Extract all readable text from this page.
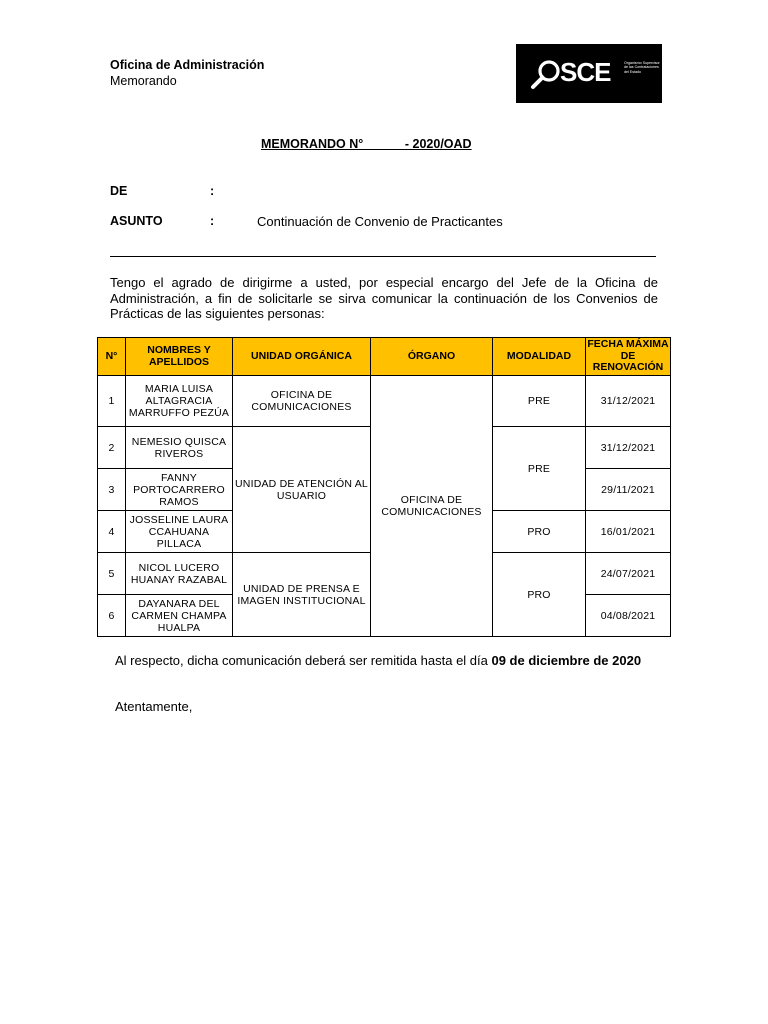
Oficina de Administración
Memorando	SCE	Organismo Supervisor de las Contrataciones del Estado
MEMORANDO N°            - 2020/OAD
DE	:
ASUNTO	:	Continuación de Convenio de Practicantes
Tengo el agrado de dirigirme a usted, por especial encargo del Jefe de la Oficina de Administración, a fin de solicitarle se sirva comunicar la continuación de los Convenios de Prácticas de las siguientes personas:
N°	NOMBRES Y APELLIDOS	UNIDAD ORGÁNICA	ÓRGANO	MODALIDAD	FECHA MÁXIMA DE RENOVACIÓN
1	MARIA LUISA ALTAGRACIA MARRUFFO PEZÚA	OFICINA DE COMUNICACIONES	OFICINA DE COMUNICACIONES	PRE	31/12/2021
2	NEMESIO QUISCA RIVEROS	UNIDAD DE ATENCIÓN AL USUARIO		PRE	31/12/2021
3	FANNY PORTOCARRERO RAMOS				29/11/2021
4	JOSSELINE LAURA CCAHUANA PILLACA			PRO	16/01/2021
5	NICOL LUCERO HUANAY RAZABAL	UNIDAD DE PRENSA E IMAGEN INSTITUCIONAL		PRO	24/07/2021
6	DAYANARA DEL CARMEN CHAMPA HUALPA				04/08/2021
Al respecto, dicha comunicación deberá ser remitida hasta el día 09 de diciembre de 2020
Atentamente,
